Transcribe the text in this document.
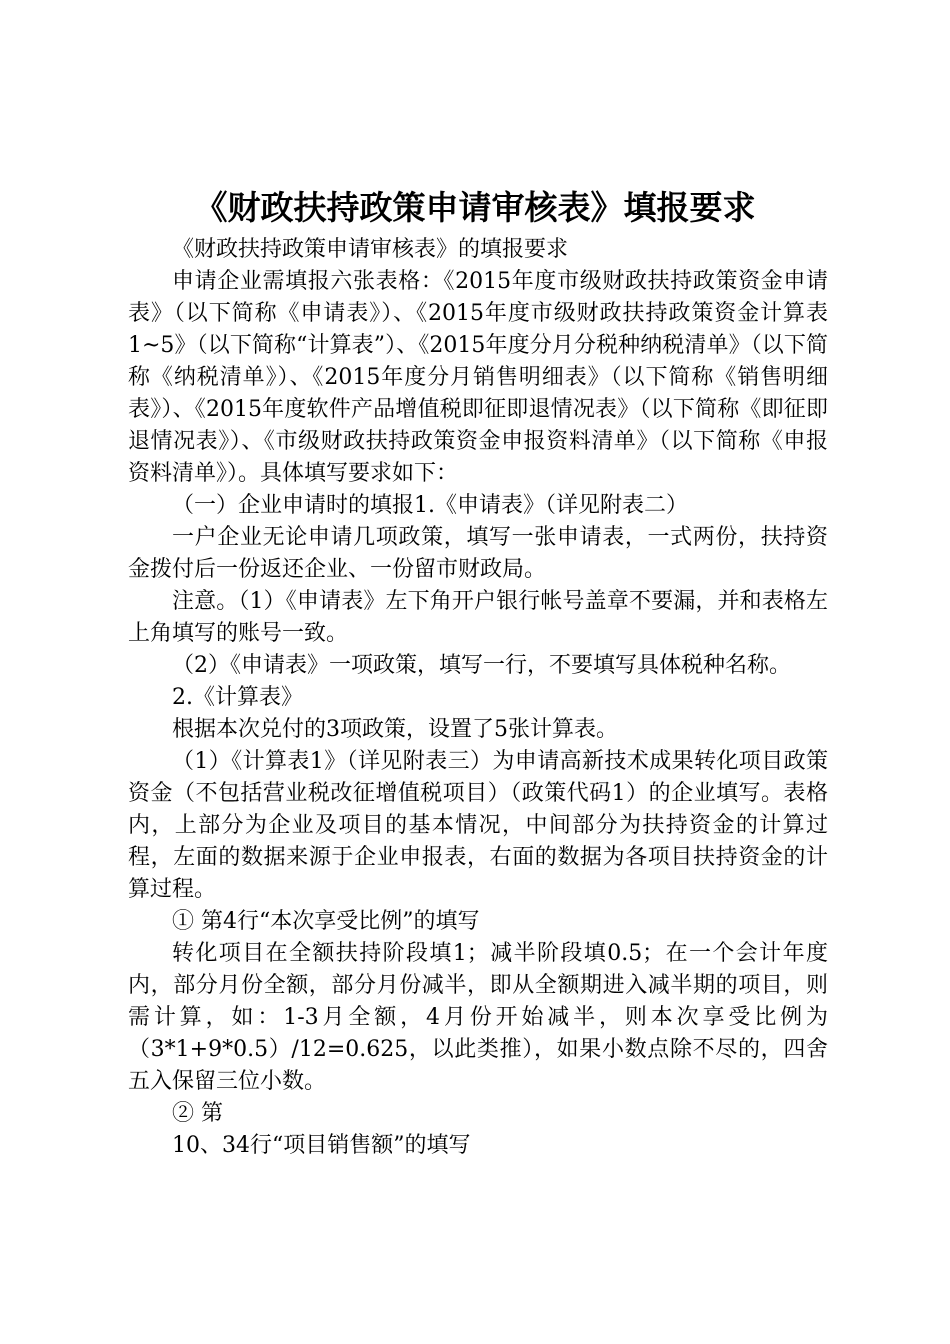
《财政扶持政策申请审核表》填报要求

《财政扶持政策申请审核表》的填报要求

申请企业需填报六张表格：《2015年度市级财政扶持政策资金申请表》（以下简称《申请表》）、《2015年度市级财政扶持政策资金计算表1~5》（以下简称“计算表”）、《2015年度分月分税种纳税清单》（以下简称《纳税清单》）、《2015年度分月销售明细表》（以下简称《销售明细表》）、《2015年度软件产品增值税即征即退情况表》（以下简称《即征即退情况表》）、《市级财政扶持政策资金申报资料清单》（以下简称《申报资料清单》）。具体填写要求如下：

（一）企业申请时的填报1.《申请表》（详见附表二）

一户企业无论申请几项政策，填写一张申请表，一式两份，扶持资金拨付后一份返还企业、一份留市财政局。

注意。（1）《申请表》左下角开户银行帐号盖章不要漏，并和表格左上角填写的账号一致。

（2）《申请表》一项政策，填写一行，不要填写具体税种名称。

2.《计算表》

根据本次兑付的3项政策，设置了5张计算表。

（1）《计算表1》（详见附表三）为申请高新技术成果转化项目政策资金（不包括营业税改征增值税项目）（政策代码1）的企业填写。表格内，上部分为企业及项目的基本情况，中间部分为扶持资金的计算过程，左面的数据来源于企业申报表，右面的数据为各项目扶持资金的计算过程。

① 第4行“本次享受比例”的填写

转化项目在全额扶持阶段填1；减半阶段填0.5；在一个会计年度内，部分月份全额，部分月份减半，即从全额期进入减半期的项目，则需计算，如：1-3月全额，4月份开始减半，则本次享受比例为（3*1+9*0.5）/12=0.625，以此类推），如果小数点除不尽的，四舍五入保留三位小数。

② 第

10、34行“项目销售额”的填写
